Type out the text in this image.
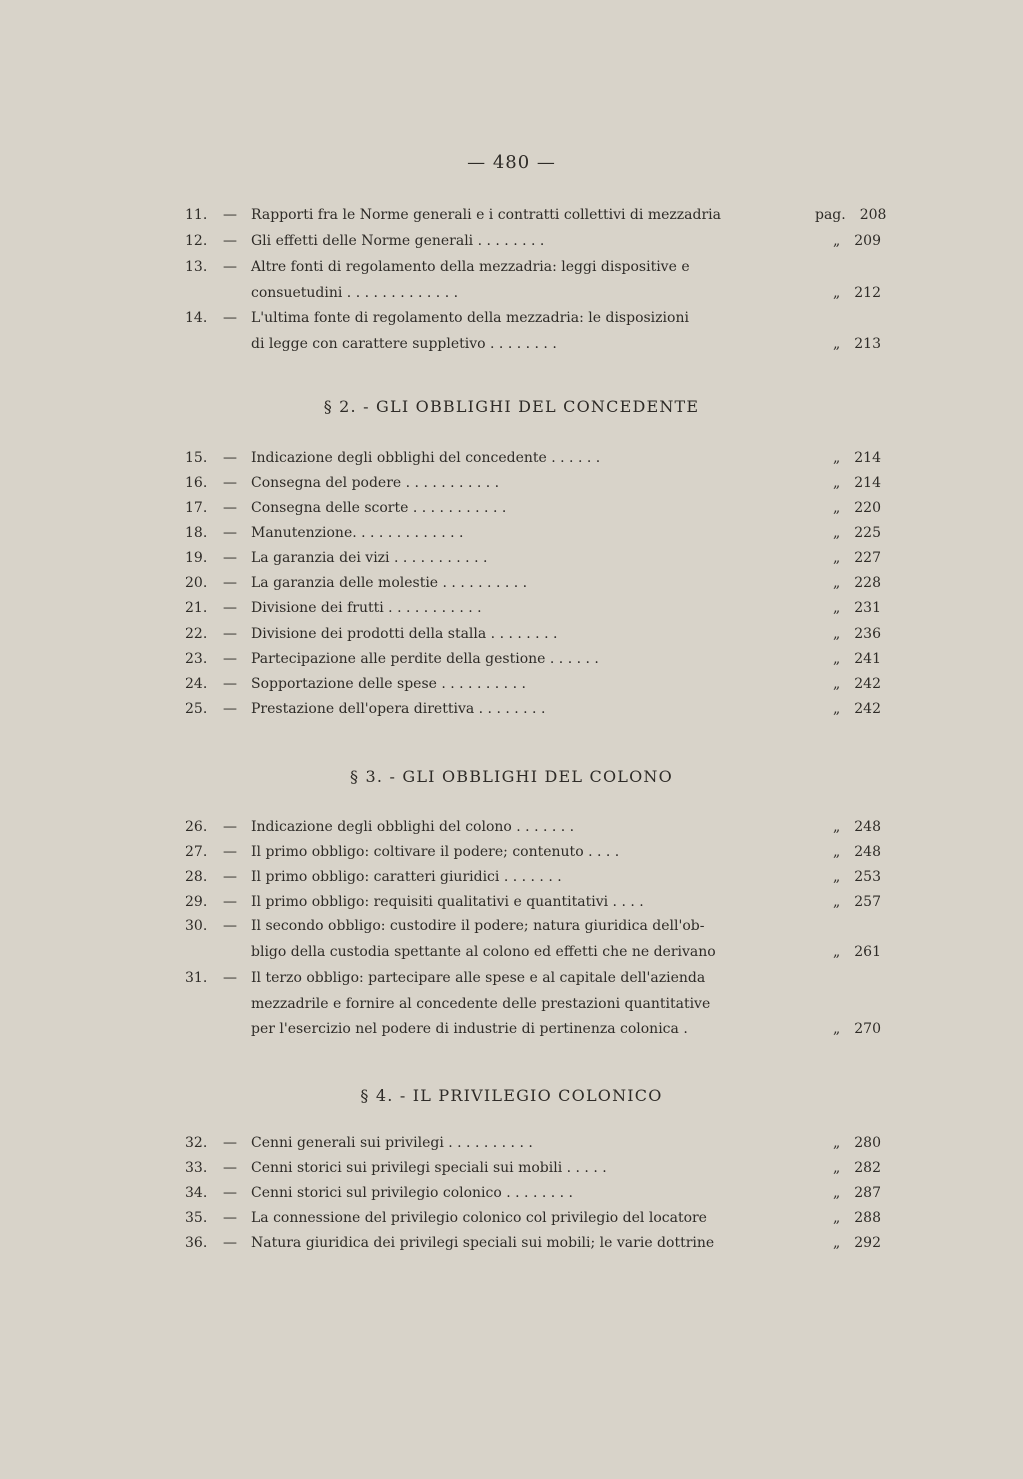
— 480 —
11.	— Rapporti fra le Norme generali e i contratti collettivi di mezzadria	pag. 208
12.	— Gli effetti delle Norme generali . . . . . . . .	„ 209
13.	— Altre fonti di regolamento della mezzadria: leggi dispositive e
consuetudini . . . . . . . . . . . . .	„ 212
14.	— L'ultima fonte di regolamento della mezzadria: le disposizioni
di legge con carattere suppletivo . . . . . . . .	„ 213
§ 2. - GLI OBBLIGHI DEL CONCEDENTE
15.	— Indicazione degli obblighi del concedente . . . . . .	„ 214
16.	— Consegna del podere . . . . . . . . . . .	„ 214
17.	— Consegna delle scorte . . . . . . . . . . .	„ 220
18.	— Manutenzione. . . . . . . . . . . . .	„ 225
19.	— La garanzia dei vizi . . . . . . . . . . .	„ 227
20.	— La garanzia delle molestie . . . . . . . . . .	„ 228
21.	— Divisione dei frutti . . . . . . . . . . .	„ 231
22.	— Divisione dei prodotti della stalla . . . . . . . .	„ 236
23.	— Partecipazione alle perdite della gestione . . . . . .	„ 241
24.	— Sopportazione delle spese . . . . . . . . . .	„ 242
25.	— Prestazione dell'opera direttiva . . . . . . . .	„ 242
§ 3. - GLI OBBLIGHI DEL COLONO
26.	— Indicazione degli obblighi del colono . . . . . . .	„ 248
27.	— Il primo obbligo: coltivare il podere; contenuto . . . .	„ 248
28.	— Il primo obbligo: caratteri giuridici . . . . . . .	„ 253
29.	— Il primo obbligo: requisiti qualitativi e quantitativi . . . .	„ 257
30.	— Il secondo obbligo: custodire il podere; natura giuridica dell'ob-
bligo della custodia spettante al colono ed effetti che ne derivano	„ 261
31.	— Il terzo obbligo: partecipare alle spese e al capitale dell'azienda
mezzadrile e fornire al concedente delle prestazioni quantitative
per l'esercizio nel podere di industrie di pertinenza colonica .	„ 270
§ 4. - IL PRIVILEGIO COLONICO
32.	— Cenni generali sui privilegi . . . . . . . . . .	„ 280
33.	— Cenni storici sui privilegi speciali sui mobili . . . . .	„ 282
34.	— Cenni storici sul privilegio colonico . . . . . . . .	„ 287
35.	— La connessione del privilegio colonico col privilegio del locatore	„ 288
36.	— Natura giuridica dei privilegi speciali sui mobili; le varie dottrine	„ 292
